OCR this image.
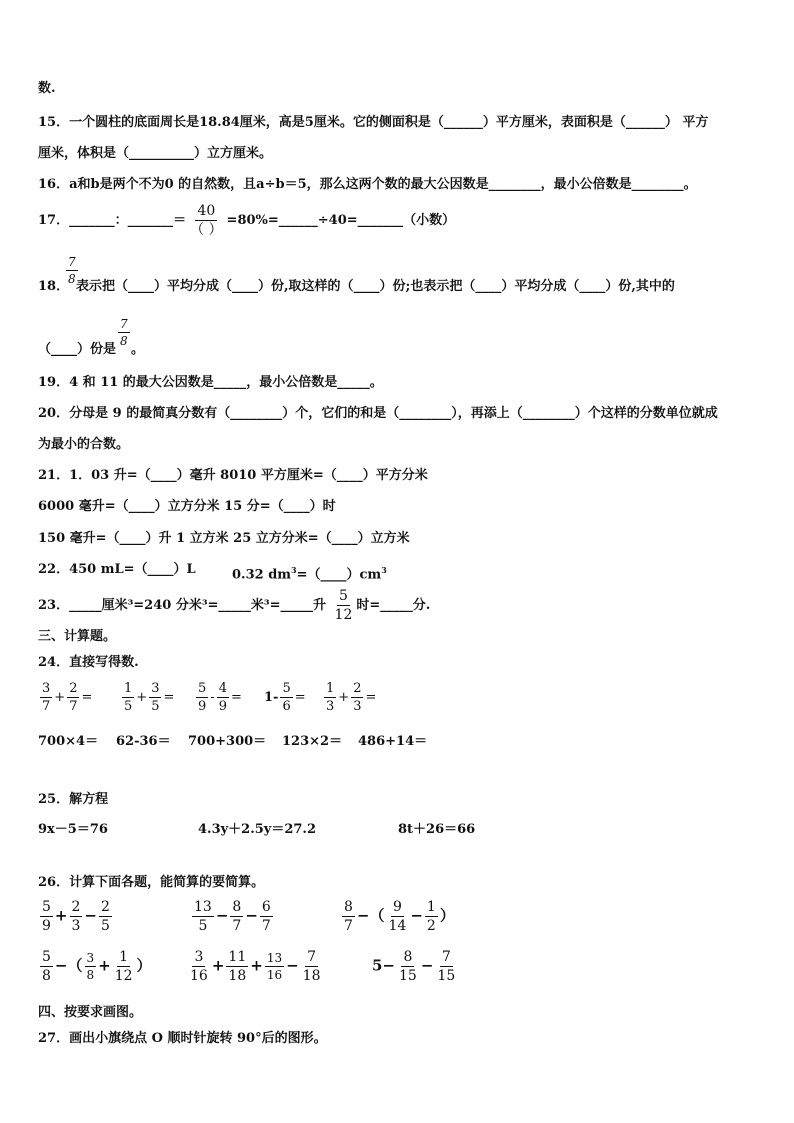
数.
15．一个圆柱的底面周长是18.84厘米，高是5厘米。它的侧面积是（______）平方厘米，表面积是（______） 平方
厘米，体积是（__________）立方厘米。
16．a和b是两个不为0 的自然数，且a÷b＝5，那么这两个数的最大公因数是________，最小公倍数是________。
17．_______：_______＝ $\frac{40}{( )}$ =80%=______÷40=_______（小数）
18．
$\frac{7}{8}$
表示把（____）平均分成（____）份,取这样的（____）份;也表示把（____）平均分成（____）份,其中的
（____）份是
$\frac{7}{8}$
。
19．4 和 11 的最大公因数是_____，最小公倍数是_____。
20．分母是 9 的最简真分数有（________）个，它们的和是（________），再添上（________）个这样的分数单位就成
为最小的合数。
21．1．03 升=（____）毫升 8010 平方厘米=（____）平方分米
6000 毫升=（____）立方分米 15 分=（____）时
150 毫升=（____）升 1 立方米 25 立方分米=（____）立方米
22．450 mL=（____）L	0.32 $dm^3=(\_\_\_\_)cm^3$
23．_____厘米³=240 分米³=_____米³=_____升 $\frac{5}{12}$ 时=_____分.
三、计算题。
24．直接写得数.
$\frac{3}{7} + \frac{2}{7} = \frac{1}{5} + \frac{3}{5} = \frac{5}{9} - \frac{4}{9} = 1- \frac{5}{6} = \frac{1}{3} + \frac{2}{3}$ =
700×4＝ 62-36＝ 700+300＝ 123×2＝ 486+14＝
25．解方程
9x－5＝76	4.3y＋2.5y＝27.2	8t＋26＝66
26．计算下面各题，能简算的要简算。
$\frac{5}{9} + \frac{2}{3} - \frac{2}{5}$	$\frac{13}{5} - \frac{8}{7} - \frac{6}{7}$	$\frac{8}{7}$ −（ $\frac{9}{14} - \frac{1}{2}$ ）
$\frac{5}{8}$ −（ $\frac{3}{8} + \frac{1}{12}$ ）	$\frac{3}{16} + \frac{11}{18} + \frac{13}{16} - \frac{7}{18}$	$5- \frac{8}{15} - \frac{7}{15}$
四、按要求画图。
27．画出小旗绕点 O 顺时针旋转 90°后的图形。
